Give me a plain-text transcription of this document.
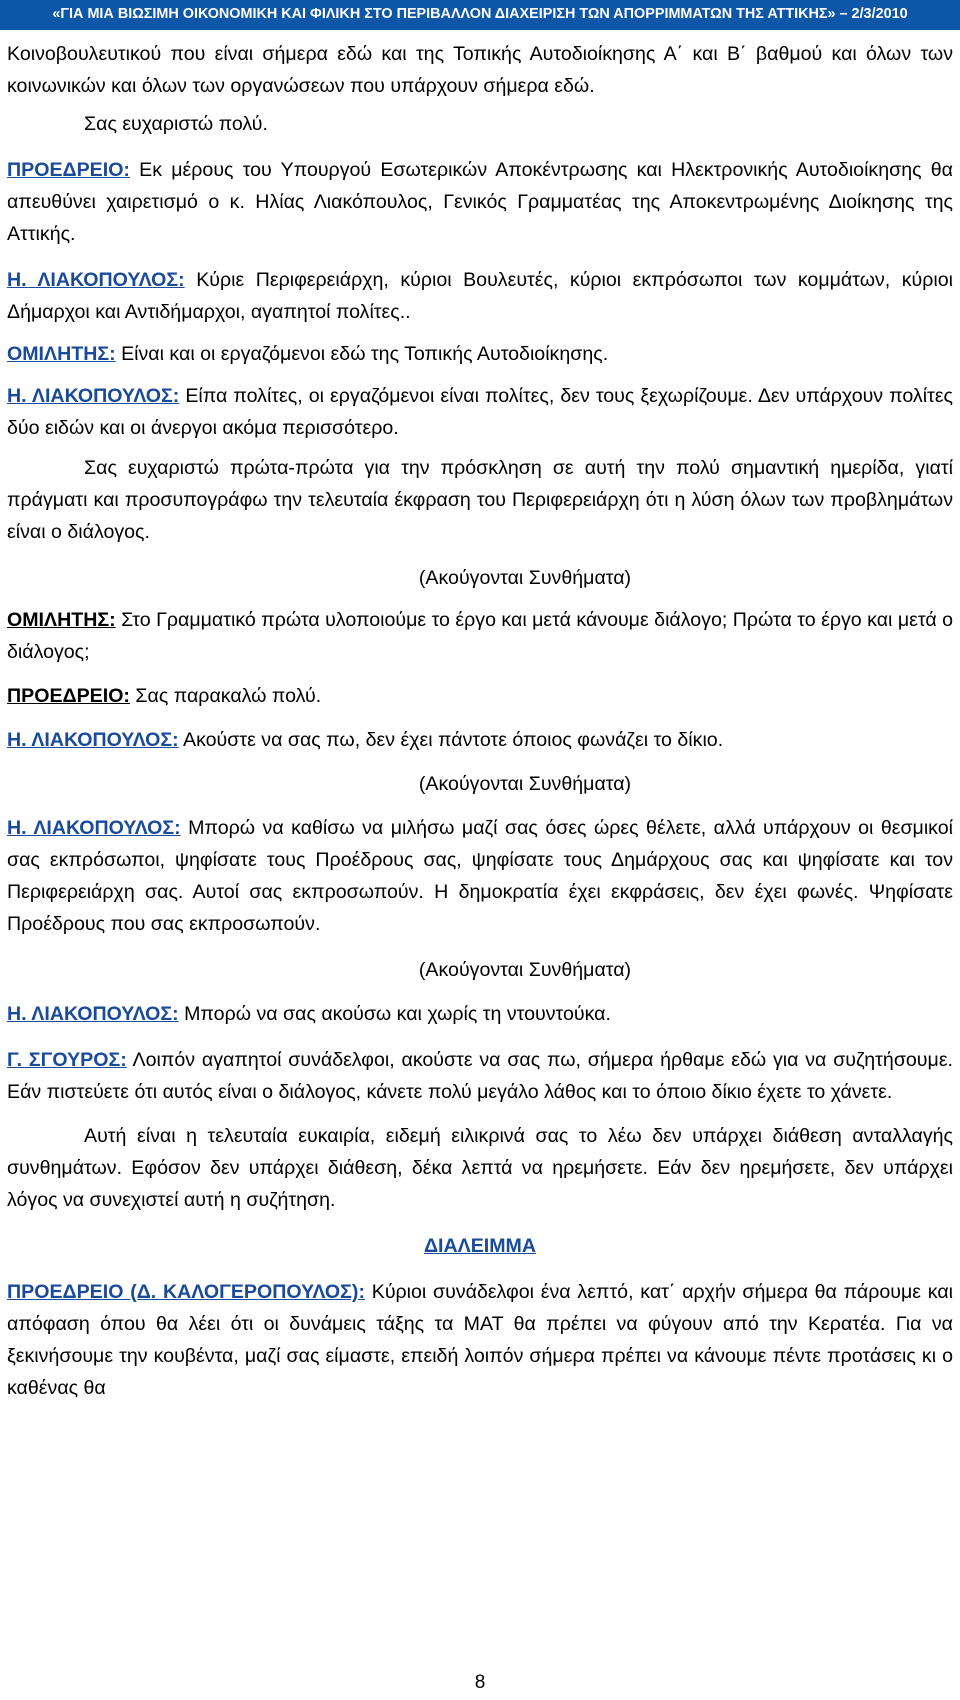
«ΓΙΑ ΜΙΑ ΒΙΩΣΙΜΗ ΟΙΚΟΝΟΜΙΚΗ ΚΑΙ ΦΙΛΙΚΗ ΣΤΟ ΠΕΡΙΒΑΛΛΟΝ ΔΙΑΧΕΙΡΙΣΗ ΤΩΝ ΑΠΟΡΡΙΜΜΑΤΩΝ ΤΗΣ ΑΤΤΙΚΗΣ» – 2/3/2010

Κοινοβουλευτικού που είναι σήμερα εδώ και της Τοπικής Αυτοδιοίκησης Α΄ και Β΄ βαθμού και όλων των κοινωνικών και όλων των οργανώσεων που υπάρχουν σήμερα εδώ.

Σας ευχαριστώ πολύ.

ΠΡΟΕΔΡΕΙΟ: Εκ μέρους του Υπουργού Εσωτερικών Αποκέντρωσης και Ηλεκτρονικής Αυτοδιοίκησης θα απευθύνει χαιρετισμό ο κ. Ηλίας Λιακόπουλος, Γενικός Γραμματέας της Αποκεντρωμένης Διοίκησης της Αττικής.

Η. ΛΙΑΚΟΠΟΥΛΟΣ: Κύριε Περιφερειάρχη, κύριοι Βουλευτές, κύριοι εκπρόσωποι των κομμάτων, κύριοι Δήμαρχοι και Αντιδήμαρχοι, αγαπητοί πολίτες..

ΟΜΙΛΗΤΗΣ: Είναι και οι εργαζόμενοι εδώ της Τοπικής Αυτοδιοίκησης.

Η. ΛΙΑΚΟΠΟΥΛΟΣ: Είπα πολίτες, οι εργαζόμενοι είναι πολίτες, δεν τους ξεχωρίζουμε. Δεν υπάρχουν πολίτες δύο ειδών και οι άνεργοι ακόμα περισσότερο.

Σας ευχαριστώ πρώτα-πρώτα για την πρόσκληση σε αυτή την πολύ σημαντική ημερίδα, γιατί πράγματι και προσυπογράφω την τελευταία έκφραση του Περιφερειάρχη ότι η λύση όλων των προβλημάτων είναι ο διάλογος.

(Ακούγονται Συνθήματα)

ΟΜΙΛΗΤΗΣ: Στο Γραμματικό πρώτα υλοποιούμε το έργο και μετά κάνουμε διάλογο; Πρώτα το έργο και μετά ο διάλογος;

ΠΡΟΕΔΡΕΙΟ: Σας παρακαλώ πολύ.

Η. ΛΙΑΚΟΠΟΥΛΟΣ: Ακούστε να σας πω, δεν έχει πάντοτε όποιος φωνάζει το δίκιο.

(Ακούγονται Συνθήματα)

Η. ΛΙΑΚΟΠΟΥΛΟΣ: Μπορώ να καθίσω να μιλήσω μαζί σας όσες ώρες θέλετε, αλλά υπάρχουν οι θεσμικοί σας εκπρόσωποι, ψηφίσατε τους Προέδρους σας, ψηφίσατε τους Δημάρχους σας και ψηφίσατε και τον Περιφερειάρχη σας. Αυτοί σας εκπροσωπούν. Η δημοκρατία έχει εκφράσεις, δεν έχει φωνές. Ψηφίσατε Προέδρους που σας εκπροσωπούν.

(Ακούγονται Συνθήματα)

Η. ΛΙΑΚΟΠΟΥΛΟΣ: Μπορώ να σας ακούσω και χωρίς τη ντουντούκα.

Γ. ΣΓΟΥΡΟΣ: Λοιπόν αγαπητοί συνάδελφοι, ακούστε να σας πω, σήμερα ήρθαμε εδώ για να συζητήσουμε. Εάν πιστεύετε ότι αυτός είναι ο διάλογος, κάνετε πολύ μεγάλο λάθος και το όποιο δίκιο έχετε το χάνετε.

Αυτή είναι η τελευταία ευκαιρία, ειδεμή ειλικρινά σας το λέω δεν υπάρχει διάθεση ανταλλαγής συνθημάτων. Εφόσον δεν υπάρχει διάθεση, δέκα λεπτά να ηρεμήσετε. Εάν δεν ηρεμήσετε, δεν υπάρχει λόγος να συνεχιστεί αυτή η συζήτηση.

ΔΙΑΛΕΙΜΜΑ

ΠΡΟΕΔΡΕΙΟ (Δ. ΚΑΛΟΓΕΡΟΠΟΥΛΟΣ): Κύριοι συνάδελφοι ένα λεπτό, κατ΄ αρχήν σήμερα θα πάρουμε και απόφαση όπου θα λέει ότι οι δυνάμεις τάξης τα ΜΑΤ θα πρέπει να φύγουν από την Κερατέα. Για να ξεκινήσουμε την κουβέντα, μαζί σας είμαστε, επειδή λοιπόν σήμερα πρέπει να κάνουμε πέντε προτάσεις κι ο καθένας θα

8
